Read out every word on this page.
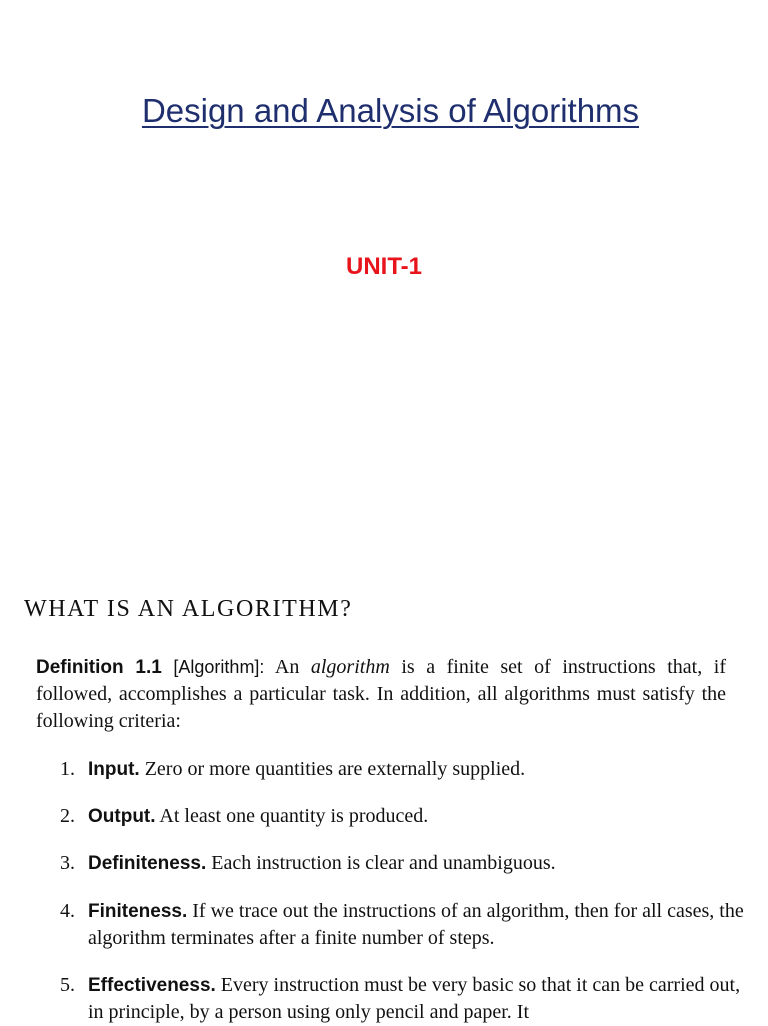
Design and Analysis of Algorithms
UNIT-1
WHAT IS AN ALGORITHM?

Definition 1.1 [Algorithm]: An algorithm is a finite set of instructions that, if followed, accomplishes a particular task. In addition, all algorithms must satisfy the following criteria:

1. Input. Zero or more quantities are externally supplied.
2. Output. At least one quantity is produced.
3. Definiteness. Each instruction is clear and unambiguous.
4. Finiteness. If we trace out the instructions of an algorithm, then for all cases, the algorithm terminates after a finite number of steps.
5. Effectiveness. Every instruction must be very basic so that it can be carried out, in principle, by a person using only pencil and paper. It
